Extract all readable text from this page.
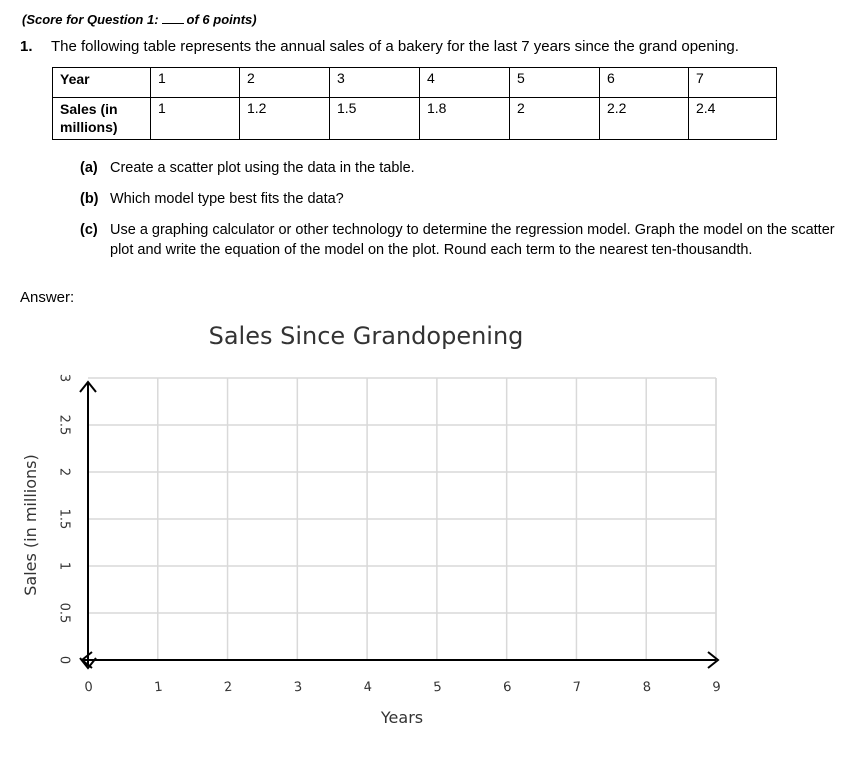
(Score for Question 1: of 6 points)
1. The following table represents the annual sales of a bakery for the last 7 years since the grand opening.
Year	1	2	3	4	5	6	7
Sales (in millions)	1	1.2	1.5	1.8	2	2.2	2.4
(a) Create a scatter plot using the data in the table.
(b) Which model type best fits the data?
(c) Use a graphing calculator or other technology to determine the regression model. Graph the model on the scatter plot and write the equation of the model on the plot. Round each term to the nearest ten-thousandth.
Answer:
Sales Since Grandopening
0	1	2	3	4	5	6	7	8	9
0
0.5
1
1.5
2
2.5
3
Years
Sales (in millions)
